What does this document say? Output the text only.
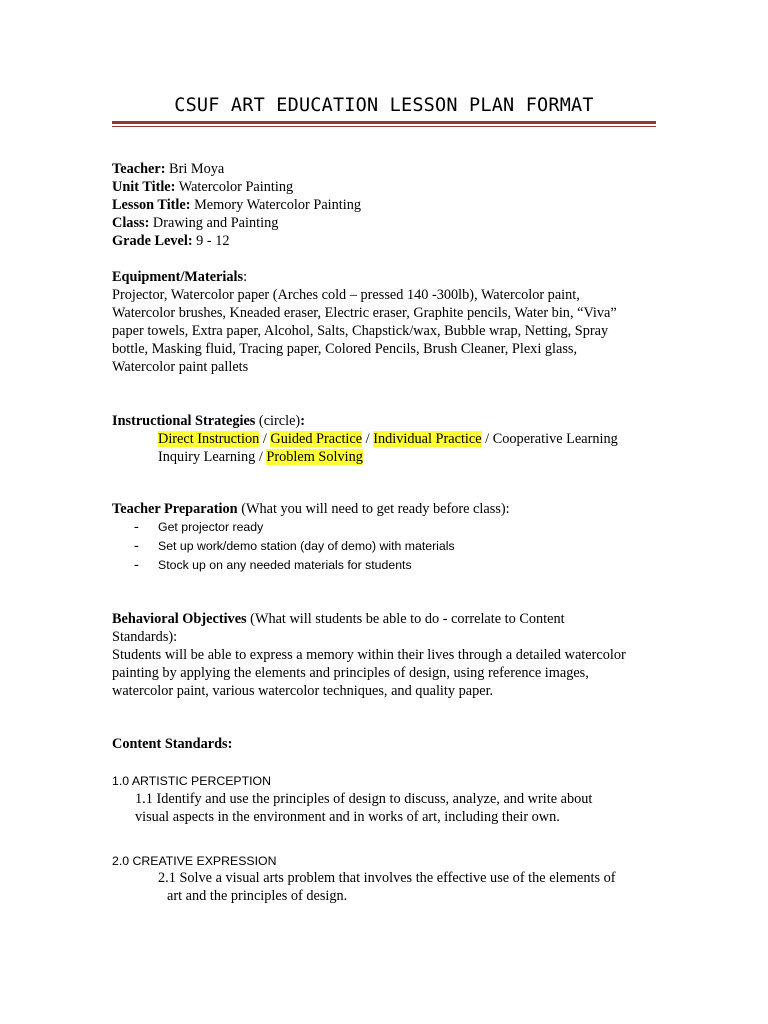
CSUF ART EDUCATION LESSON PLAN FORMAT
Teacher: Bri Moya
Unit Title: Watercolor Painting
Lesson Title: Memory Watercolor Painting
Class: Drawing and Painting
Grade Level: 9 - 12
Equipment/Materials:
Projector, Watercolor paper (Arches cold – pressed 140 -300lb), Watercolor paint,
Watercolor brushes, Kneaded eraser, Electric eraser, Graphite pencils, Water bin, “Viva”
paper towels, Extra paper, Alcohol, Salts, Chapstick/wax, Bubble wrap, Netting, Spray
bottle, Masking fluid, Tracing paper, Colored Pencils, Brush Cleaner, Plexi glass,
Watercolor paint pallets
Instructional Strategies (circle):
Direct Instruction / Guided Practice / Individual Practice / Cooperative Learning
Inquiry Learning / Problem Solving
Teacher Preparation (What you will need to get ready before class):
- Get projector ready
- Set up work/demo station (day of demo) with materials
- Stock up on any needed materials for students
Behavioral Objectives (What will students be able to do - correlate to Content
Standards):
Students will be able to express a memory within their lives through a detailed watercolor
painting by applying the elements and principles of design, using reference images,
watercolor paint, various watercolor techniques, and quality paper.
Content Standards:
1.0 ARTISTIC PERCEPTION
1.1 Identify and use the principles of design to discuss, analyze, and write about
visual aspects in the environment and in works of art, including their own.
2.0 CREATIVE EXPRESSION
2.1 Solve a visual arts problem that involves the effective use of the elements of
art and the principles of design.
